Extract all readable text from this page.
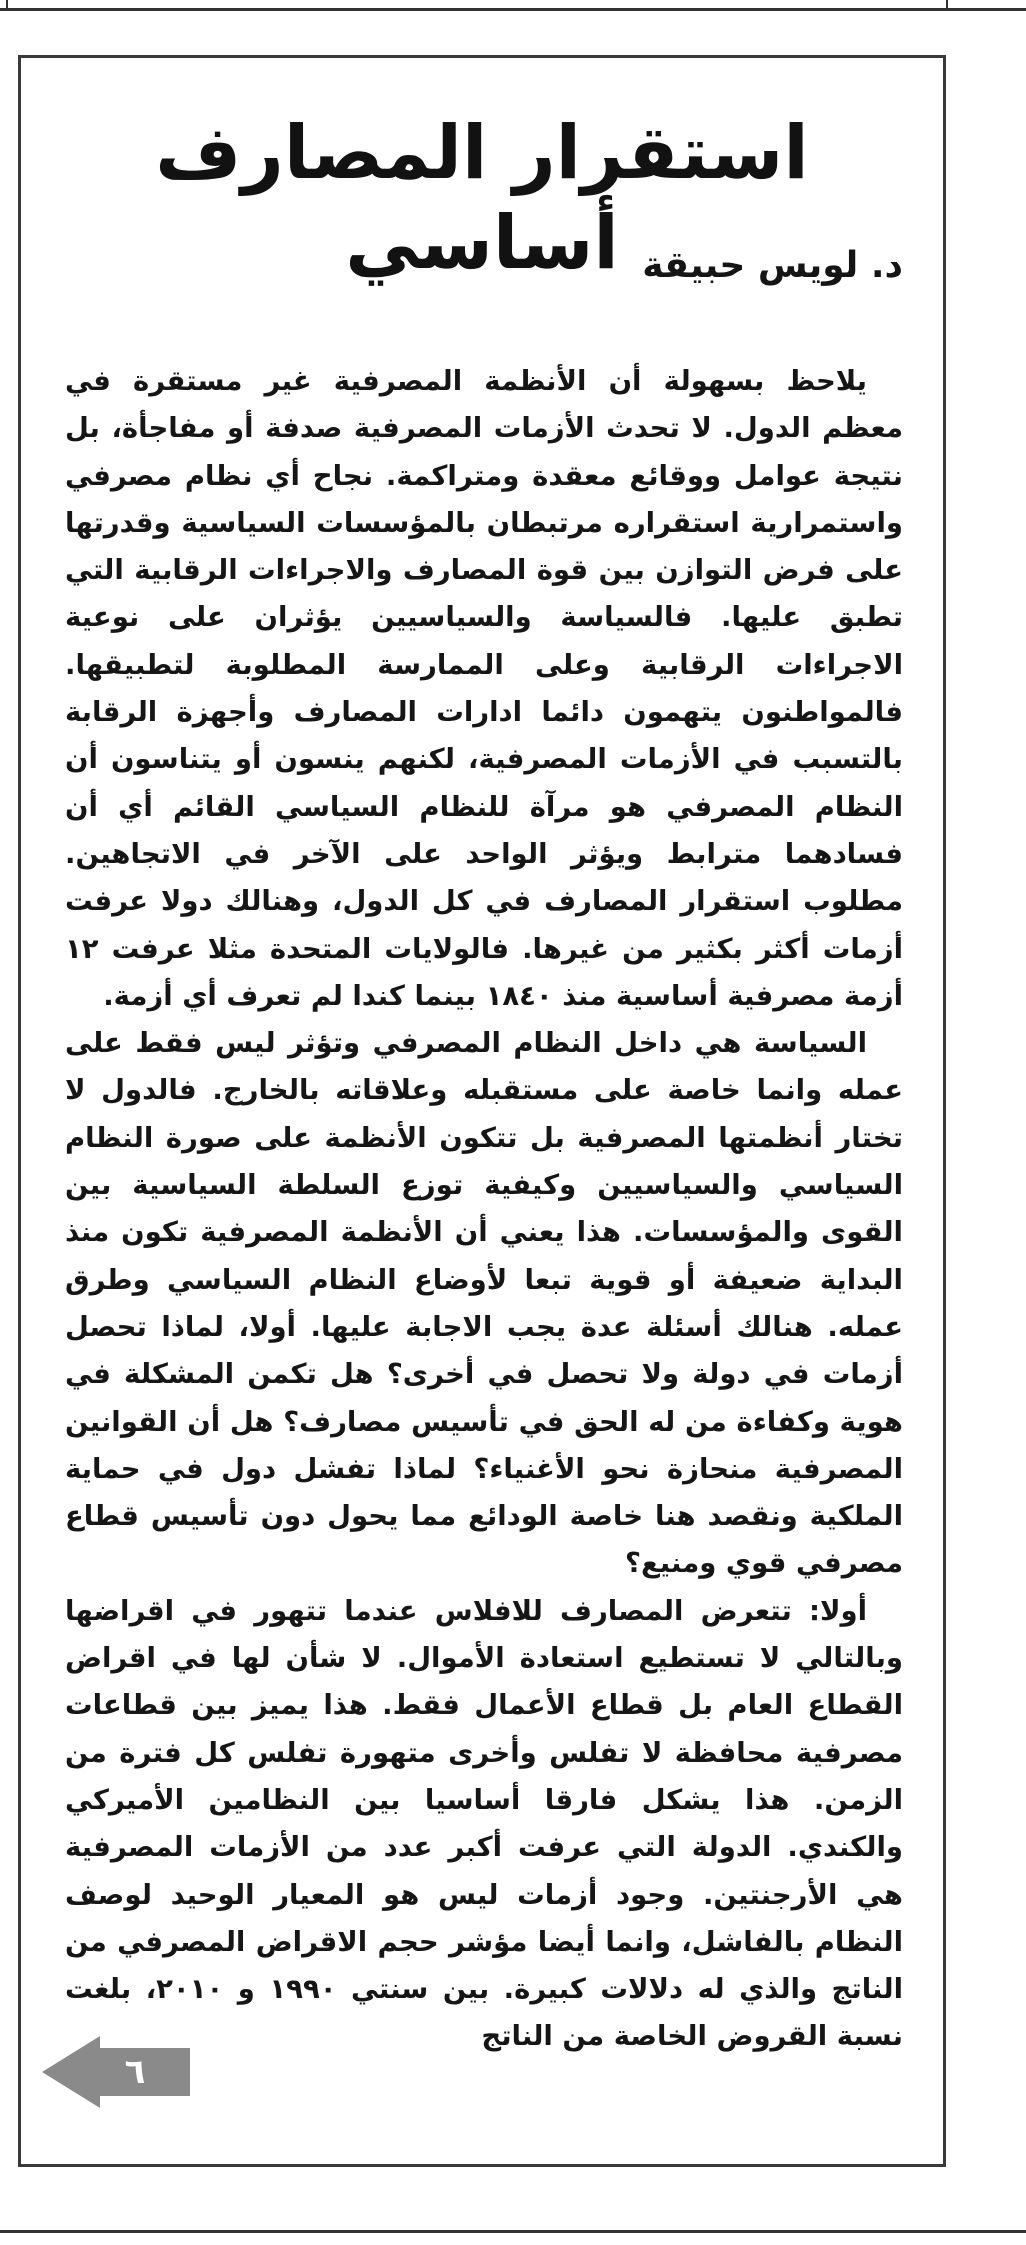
استقرار المصارف أساسي د. لويس حبيقة

يلاحظ بسهولة أن الأنظمة المصرفية غير مستقرة في معظم الدول. لا تحدث الأزمات المصرفية صدفة أو مفاجأة، بل نتيجة عوامل ووقائع معقدة ومتراكمة. نجاح أي نظام مصرفي واستمرارية استقراره مرتبطان بالمؤسسات السياسية وقدرتها على فرض التوازن بين قوة المصارف والاجراءات الرقابية التي تطبق عليها. فالسياسة والسياسيين يؤثران على نوعية الاجراءات الرقابية وعلى الممارسة المطلوبة لتطبيقها. فالمواطنون يتهمون دائما ادارات المصارف وأجهزة الرقابة بالتسبب في الأزمات المصرفية، لكنهم ينسون أو يتناسون أن النظام المصرفي هو مرآة للنظام السياسي القائم أي أن فسادهما مترابط ويؤثر الواحد على الآخر في الاتجاهين. مطلوب استقرار المصارف في كل الدول، وهنالك دولا عرفت أزمات أكثر بكثير من غيرها. فالولايات المتحدة مثلا عرفت ١٢ أزمة مصرفية أساسية منذ ١٨٤٠ بينما كندا لم تعرف أي أزمة.

السياسة هي داخل النظام المصرفي وتؤثر ليس فقط على عمله وانما خاصة على مستقبله وعلاقاته بالخارج. فالدول لا تختار أنظمتها المصرفية بل تتكون الأنظمة على صورة النظام السياسي والسياسيين وكيفية توزع السلطة السياسية بين القوى والمؤسسات. هذا يعني أن الأنظمة المصرفية تكون منذ البداية ضعيفة أو قوية تبعا لأوضاع النظام السياسي وطرق عمله. هنالك أسئلة عدة يجب الاجابة عليها. أولا، لماذا تحصل أزمات في دولة ولا تحصل في أخرى؟ هل تكمن المشكلة في هوية وكفاءة من له الحق في تأسيس مصارف؟ هل أن القوانين المصرفية منحازة نحو الأغنياء؟ لماذا تفشل دول في حماية الملكية ونقصد هنا خاصة الودائع مما يحول دون تأسيس قطاع مصرفي قوي ومنيع؟

أولا: تتعرض المصارف للافلاس عندما تتهور في اقراضها وبالتالي لا تستطيع استعادة الأموال. لا شأن لها في اقراض القطاع العام بل قطاع الأعمال فقط. هذا يميز بين قطاعات مصرفية محافظة لا تفلس وأخرى متهورة تفلس كل فترة من الزمن. هذا يشكل فارقا أساسيا بين النظامين الأميركي والكندي. الدولة التي عرفت أكبر عدد من الأزمات المصرفية هي الأرجنتين. وجود أزمات ليس هو المعيار الوحيد لوصف النظام بالفاشل، وانما أيضا مؤشر حجم الاقراض المصرفي من الناتج والذي له دلالات كبيرة. بين سنتي ١٩٩٠ و ٢٠١٠، بلغت نسبة القروض الخاصة من الناتج

٦
